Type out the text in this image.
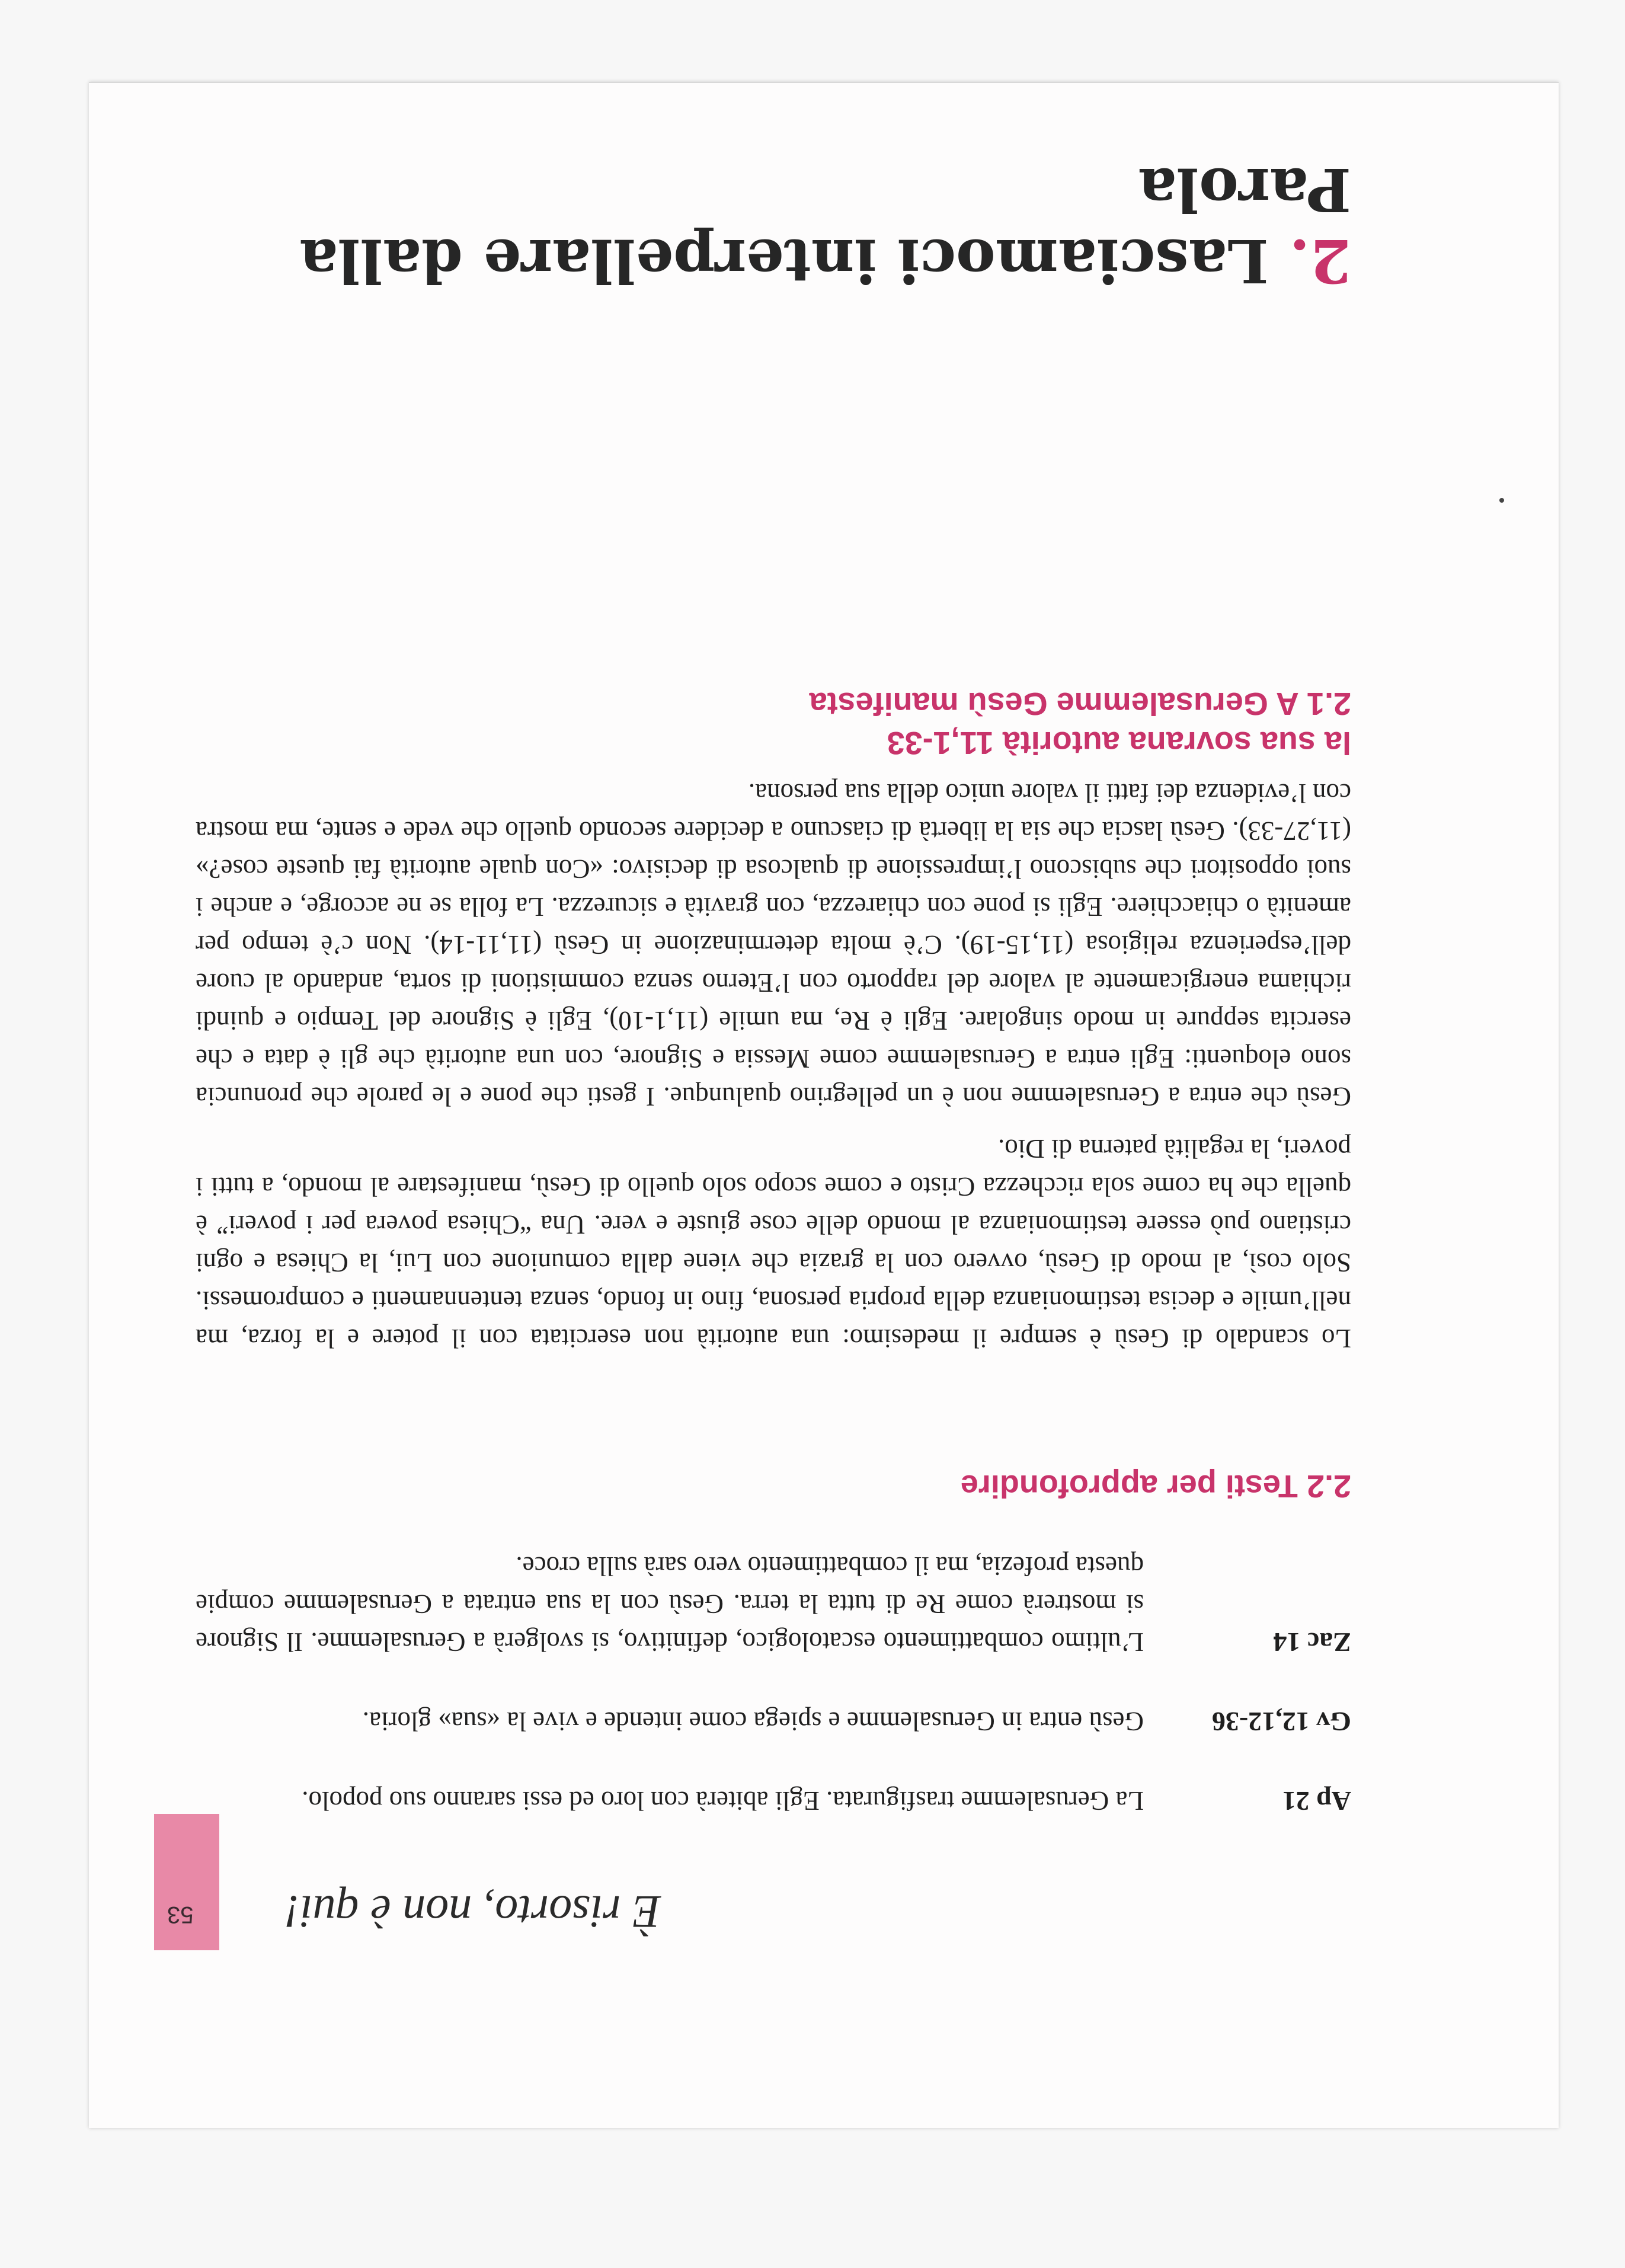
È risorto, non è qui!
53
Ap 21
La Gerusalemme trasfigurata. Egli abiterà con loro ed essi saranno suo popolo.
Gv 12,12-36
Gesù entra in Gerusalemme e spiega come intende e vive la «sua» gloria.
Zac 14
L’ultimo combattimento escatologico, definitivo, si svolgerà a Gerusalemme. Il Signore si mostrerà come Re di tutta la terra. Gesù con la sua entrata a Gerusalemme compie questa profezia, ma il combattimento vero sarà sulla croce.
2.2 Testi per approfondire

Lo scandalo di Gesù è sempre il medesimo: una autorità non esercitata con il potere e la forza, ma nell’umile e decisa testimonianza della propria persona, fino in fondo, senza tentennamenti e compromessi. Solo così, al modo di Gesù, ovvero con la grazia che viene dalla comunione con Lui, la Chiesa e ogni cristiano può essere testimonianza al mondo delle cose giuste e vere. Una “Chiesa povera per i poveri” è quella che ha come sola ricchezza Cristo e come scopo solo quello di Gesù, manifestare al mondo, a tutti i poveri, la regalità paterna di Dio.

Gesù che entra a Gerusalemme non è un pellegrino qualunque. I gesti che pone e le parole che pronuncia sono eloquenti: Egli entra a Gerusalemme come Messia e Signore, con una autorità che gli è data e che esercita seppure in modo singolare. Egli è Re, ma umile (11,1-10), Egli è Signore del Tempio e quindi richiama energicamente al valore del rapporto con l’Eterno senza commistioni di sorta, andando al cuore dell’esperienza religiosa (11,15-19). C’è molta determinazione in Gesù (11,11-14). Non c’è tempo per amenità o chiacchiere. Egli si pone con chiarezza, con gravità e sicurezza. La folla se ne accorge, e anche i suoi oppositori che subiscono l’impressione di qualcosa di decisivo: «Con quale autorità fai queste cose?» (11,27-33). Gesù lascia che sia la libertà di ciascuno a decidere secondo quello che vede e sente, ma mostra con l’evidenza dei fatti il valore unico della sua persona.

la sua sovrana autorità 11,1-33
2.1 A Gerusalemme Gesù manifesta
2. Lasciamoci interpellare dalla Parola
